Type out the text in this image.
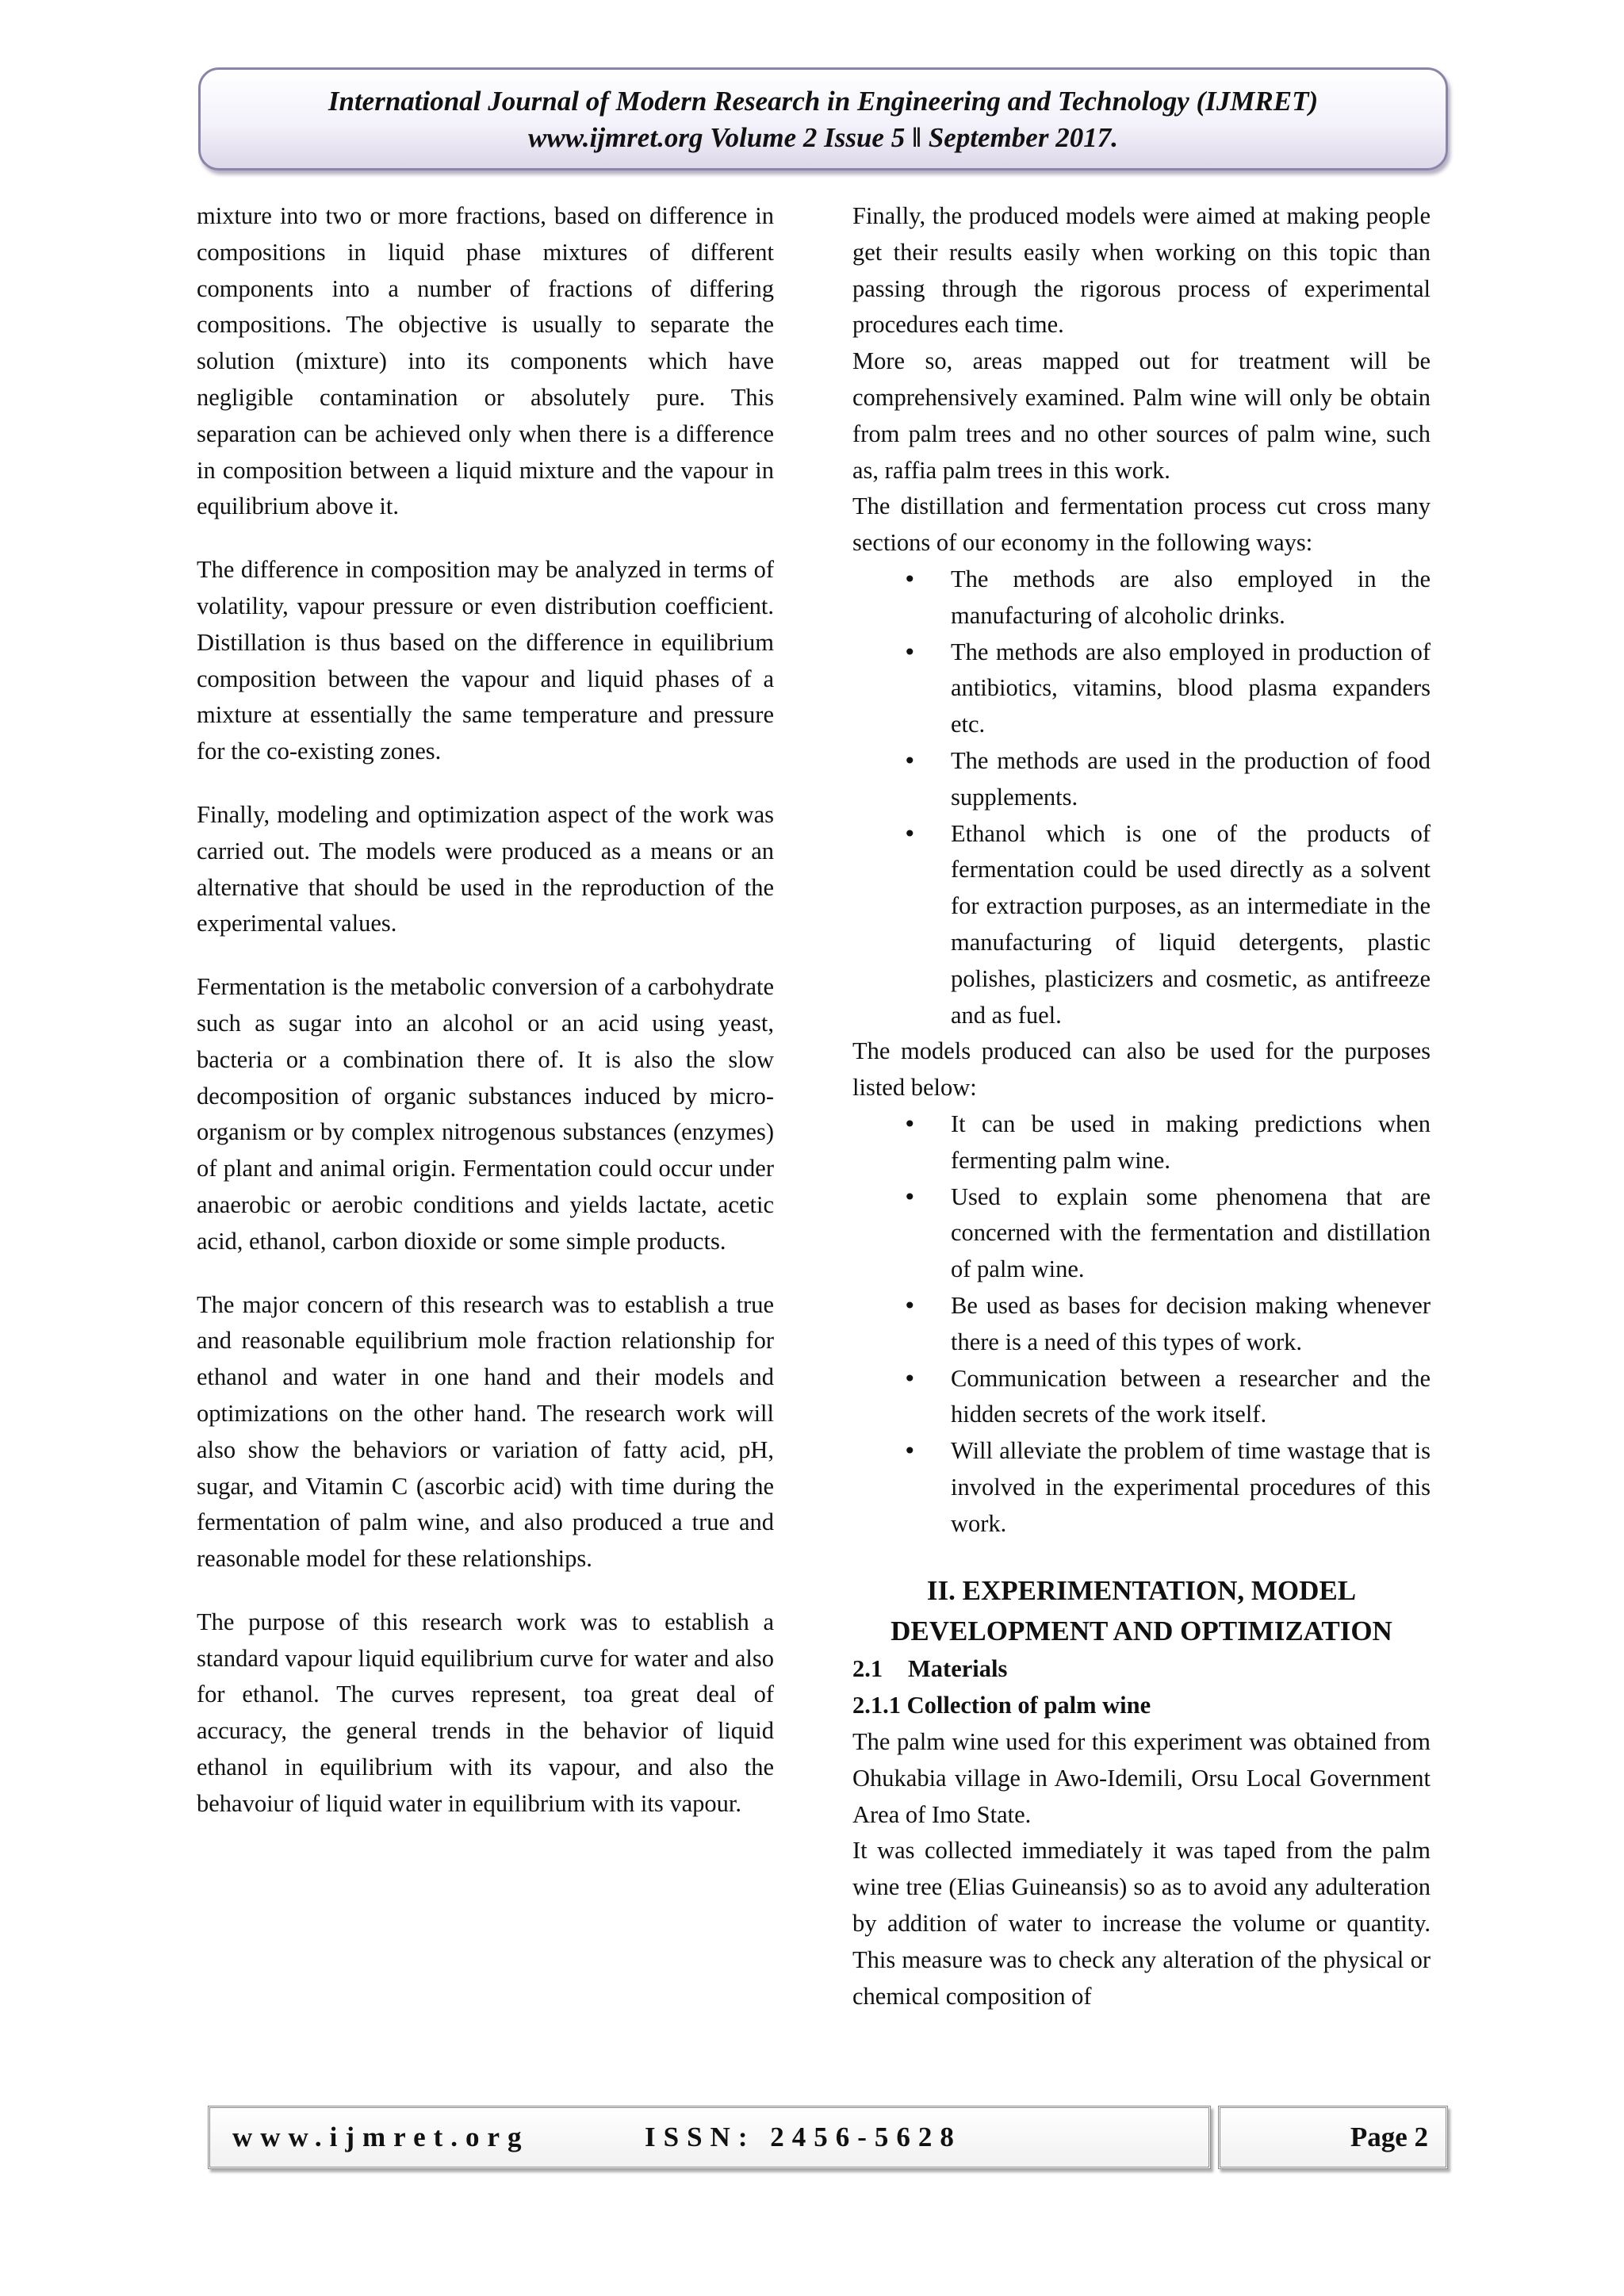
International Journal of Modern Research in Engineering and Technology (IJMRET)
www.ijmret.org Volume 2 Issue 5 ǁ September 2017.

mixture into two or more fractions, based on difference in compositions in liquid phase mixtures of different components into a number of fractions of differing compositions. The objective is usually to separate the solution (mixture) into its components which have negligible contamination or absolutely pure. This separation can be achieved only when there is a difference in composition between a liquid mixture and the vapour in equilibrium above it.

The difference in composition may be analyzed in terms of volatility, vapour pressure or even distribution coefficient. Distillation is thus based on the difference in equilibrium composition between the vapour and liquid phases of a mixture at essentially the same temperature and pressure for the co-existing zones.

Finally, modeling and optimization aspect of the work was carried out. The models were produced as a means or an alternative that should be used in the reproduction of the experimental values.

Fermentation is the metabolic conversion of a carbohydrate such as sugar into an alcohol or an acid using yeast, bacteria or a combination there of. It is also the slow decomposition of organic substances induced by micro-organism or by complex nitrogenous substances (enzymes) of plant and animal origin. Fermentation could occur under anaerobic or aerobic conditions and yields lactate, acetic acid, ethanol, carbon dioxide or some simple products.

The major concern of this research was to establish a true and reasonable equilibrium mole fraction relationship for ethanol and water in one hand and their models and optimizations on the other hand. The research work will also show the behaviors or variation of fatty acid, pH, sugar, and Vitamin C (ascorbic acid) with time during the fermentation of palm wine, and also produced a true and reasonable model for these relationships.

The purpose of this research work was to establish a standard vapour liquid equilibrium curve for water and also for ethanol. The curves represent, toa great deal of accuracy, the general trends in the behavior of liquid ethanol in equilibrium with its vapour, and also the behavoiur of liquid water in equilibrium with its vapour.

Finally, the produced models were aimed at making people get their results easily when working on this topic than passing through the rigorous process of experimental procedures each time.

More so, areas mapped out for treatment will be comprehensively examined. Palm wine will only be obtain from palm trees and no other sources of palm wine, such as, raffia palm trees in this work.

The distillation and fermentation process cut cross many sections of our economy in the following ways:

• The methods are also employed in the manufacturing of alcoholic drinks.
• The methods are also employed in production of antibiotics, vitamins, blood plasma expanders etc.
• The methods are used in the production of food supplements.
• Ethanol which is one of the products of fermentation could be used directly as a solvent for extraction purposes, as an intermediate in the manufacturing of liquid detergents, plastic polishes, plasticizers and cosmetic, as antifreeze and as fuel.

The models produced can also be used for the purposes listed below:

• It can be used in making predictions when fermenting palm wine.
• Used to explain some phenomena that are concerned with the fermentation and distillation of palm wine.
• Be used as bases for decision making whenever there is a need of this types of work.
• Communication between a researcher and the hidden secrets of the work itself.
• Will alleviate the problem of time wastage that is involved in the experimental procedures of this work.
II. EXPERIMENTATION, MODEL
DEVELOPMENT AND OPTIMIZATION
2.1 Materials
2.1.1 Collection of palm wine

The palm wine used for this experiment was obtained from Ohukabia village in Awo-Idemili, Orsu Local Government Area of Imo State.

It was collected immediately it was taped from the palm wine tree (Elias Guineansis) so as to avoid any adulteration by addition of water to increase the volume or quantity. This measure was to check any alteration of the physical or chemical composition of

www.ijmret.org	ISSN: 2456-5628	Page 2
